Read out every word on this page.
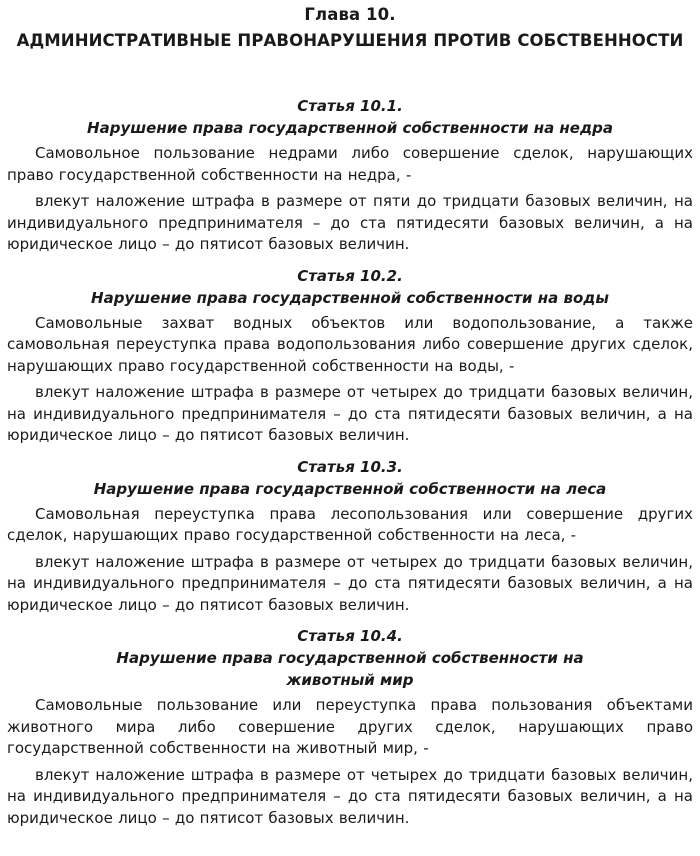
Глава 10.
АДМИНИСТРАТИВНЫЕ ПРАВОНАРУШЕНИЯ ПРОТИВ СОБСТВЕННОСТИ
Статья 10.1.
Нарушение права государственной собственности на недра

Самовольное пользование недрами либо совершение сделок, нарушающих право государственной собственности на недра, -

влекут наложение штрафа в размере от пяти до тридцати базовых величин, на индивидуального предпринимателя – до ста пятидесяти базовых величин, а на юридическое лицо – до пятисот базовых величин.

Статья 10.2.
Нарушение права государственной собственности на воды

Самовольные захват водных объектов или водопользование, а также самовольная переуступка права водопользования либо совершение других сделок, нарушающих право государственной собственности на воды, -

влекут наложение штрафа в размере от четырех до тридцати базовых величин, на индивидуального предпринимателя – до ста пятидесяти базовых величин, а на юридическое лицо – до пятисот базовых величин.

Статья 10.3.
Нарушение права государственной собственности на леса

Самовольная переуступка права лесопользования или совершение других сделок, нарушающих право государственной собственности на леса, -

влекут наложение штрафа в размере от четырех до тридцати базовых величин, на индивидуального предпринимателя – до ста пятидесяти базовых величин, а на юридическое лицо – до пятисот базовых величин.

Статья 10.4.
Нарушение права государственной собственности на
животный мир

Самовольные пользование или переуступка права пользования объектами животного мира либо совершение других сделок, нарушающих право государственной собственности на животный мир, -

влекут наложение штрафа в размере от четырех до тридцати базовых величин, на индивидуального предпринимателя – до ста пятидесяти базовых величин, а на юридическое лицо – до пятисот базовых величин.
